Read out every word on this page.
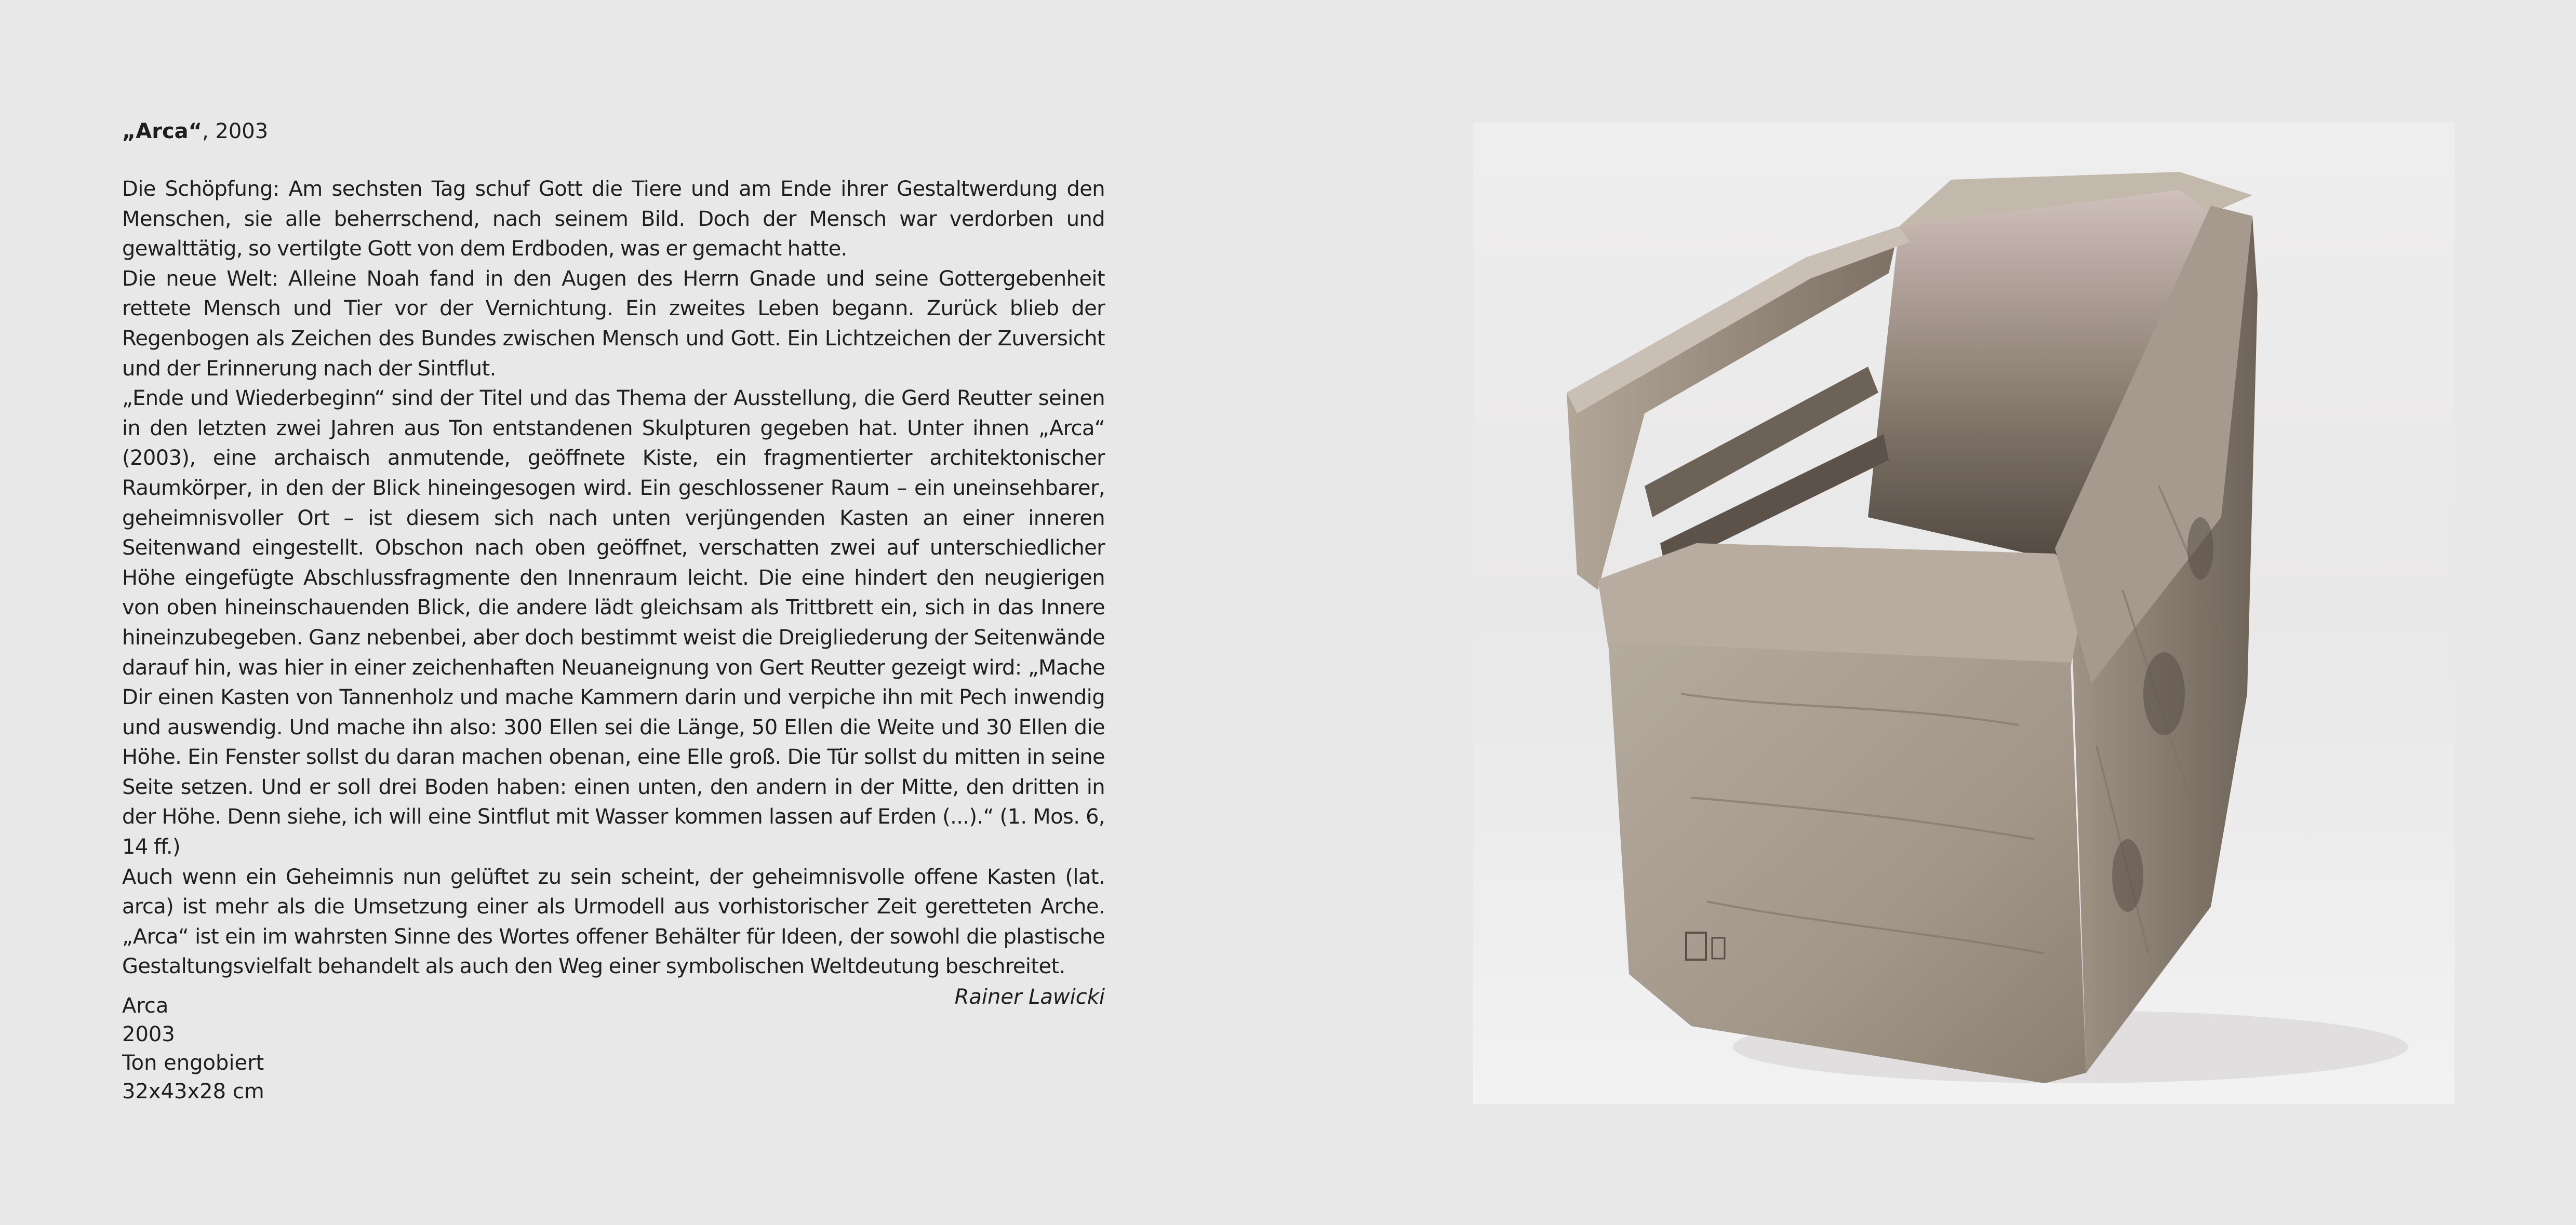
„Arca“, 2003

Die Schöpfung: Am sechsten Tag schuf Gott die Tiere und am Ende ihrer Gestaltwerdung den Menschen, sie alle beherrschend, nach seinem Bild. Doch der Mensch war verdorben und gewalttätig, so vertilgte Gott von dem Erdboden, was er gemacht hatte.

Die neue Welt: Alleine Noah fand in den Augen des Herrn Gnade und seine Gottergebenheit rettete Mensch und Tier vor der Vernichtung. Ein zweites Leben begann. Zurück blieb der Regenbogen als Zeichen des Bundes zwischen Mensch und Gott. Ein Lichtzeichen der Zuversicht und der Erinnerung nach der Sintflut.

„Ende und Wiederbeginn“ sind der Titel und das Thema der Ausstellung, die Gerd Reutter seinen in den letzten zwei Jahren aus Ton entstandenen Skulpturen gegeben hat. Unter ihnen „Arca“ (2003), eine archaisch anmutende, geöffnete Kiste, ein fragmentierter architektonischer Raumkörper, in den der Blick hineingesogen wird. Ein geschlossener Raum – ein uneinsehbarer, geheimnisvoller Ort – ist diesem sich nach unten verjüngenden Kasten an einer inneren Seitenwand eingestellt. Obschon nach oben geöffnet, verschatten zwei auf unterschiedlicher Höhe eingefügte Abschlussfragmente den Innenraum leicht. Die eine hindert den neugierigen von oben hineinschauenden Blick, die andere lädt gleichsam als Trittbrett ein, sich in das Innere hineinzubegeben. Ganz nebenbei, aber doch bestimmt weist die Dreigliederung der Seitenwände darauf hin, was hier in einer zeichenhaften Neuaneignung von Gert Reutter gezeigt wird: „Mache Dir einen Kasten von Tannenholz und mache Kammern darin und verpiche ihn mit Pech inwendig und auswendig. Und mache ihn also: 300 Ellen sei die Länge, 50 Ellen die Weite und 30 Ellen die Höhe. Ein Fenster sollst du daran machen obenan, eine Elle groß. Die Tür sollst du mitten in seine Seite setzen. Und er soll drei Boden haben: einen unten, den andern in der Mitte, den dritten in der Höhe. Denn siehe, ich will eine Sintflut mit Wasser kommen lassen auf Erden (...).“ (1. Mos. 6, 14 ff.)

Auch wenn ein Geheimnis nun gelüftet zu sein scheint, der geheimnisvolle offene Kasten (lat. arca) ist mehr als die Umsetzung einer als Urmodell aus vorhistorischer Zeit geretteten Arche. „Arca“ ist ein im wahrsten Sinne des Wortes offener Behälter für Ideen, der sowohl die plastische Gestaltungsvielfalt behandelt als auch den Weg einer symbolischen Weltdeutung beschreitet.

Rainer Lawicki

Arca
2003
Ton engobiert
32x43x28 cm
